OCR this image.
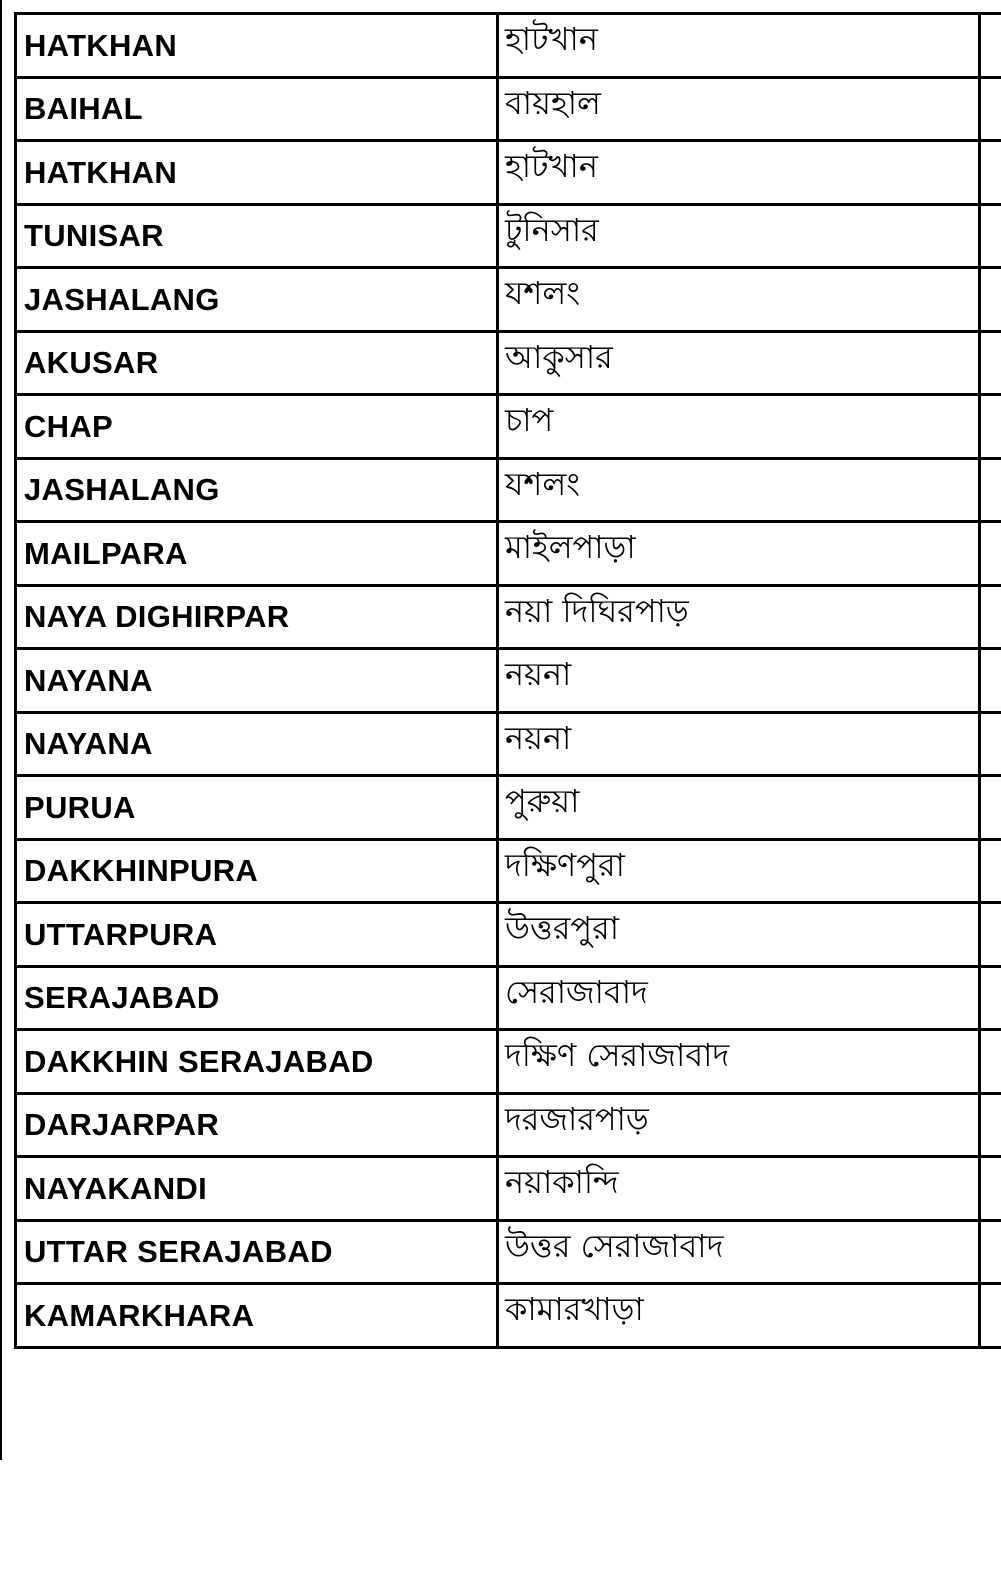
HATKHAN	হাটখান	

BAIHAL	বায়হাল	

HATKHAN	হাটখান	

TUNISAR	টুনিসার	

JASHALANG	যশলং	

AKUSAR	আকুসার	

CHAP	চাপ	

JASHALANG	যশলং	

MAILPARA	মাইলপাড়া	

NAYA DIGHIRPAR	নয়া দিঘিরপাড়	

NAYANA	নয়না	

NAYANA	নয়না	

PURUA	পুরুয়া	

DAKKHINPURA	দক্ষিণপুরা	

UTTARPURA	উত্তরপুরা	

SERAJABAD	সেরাজাবাদ	

DAKKHIN SERAJABAD	দক্ষিণ সেরাজাবাদ	

DARJARPAR	দরজারপাড়	

NAYAKANDI	নয়াকান্দি	

UTTAR SERAJABAD	উত্তর সেরাজাবাদ	

KAMARKHARA	কামারখাড়া	
